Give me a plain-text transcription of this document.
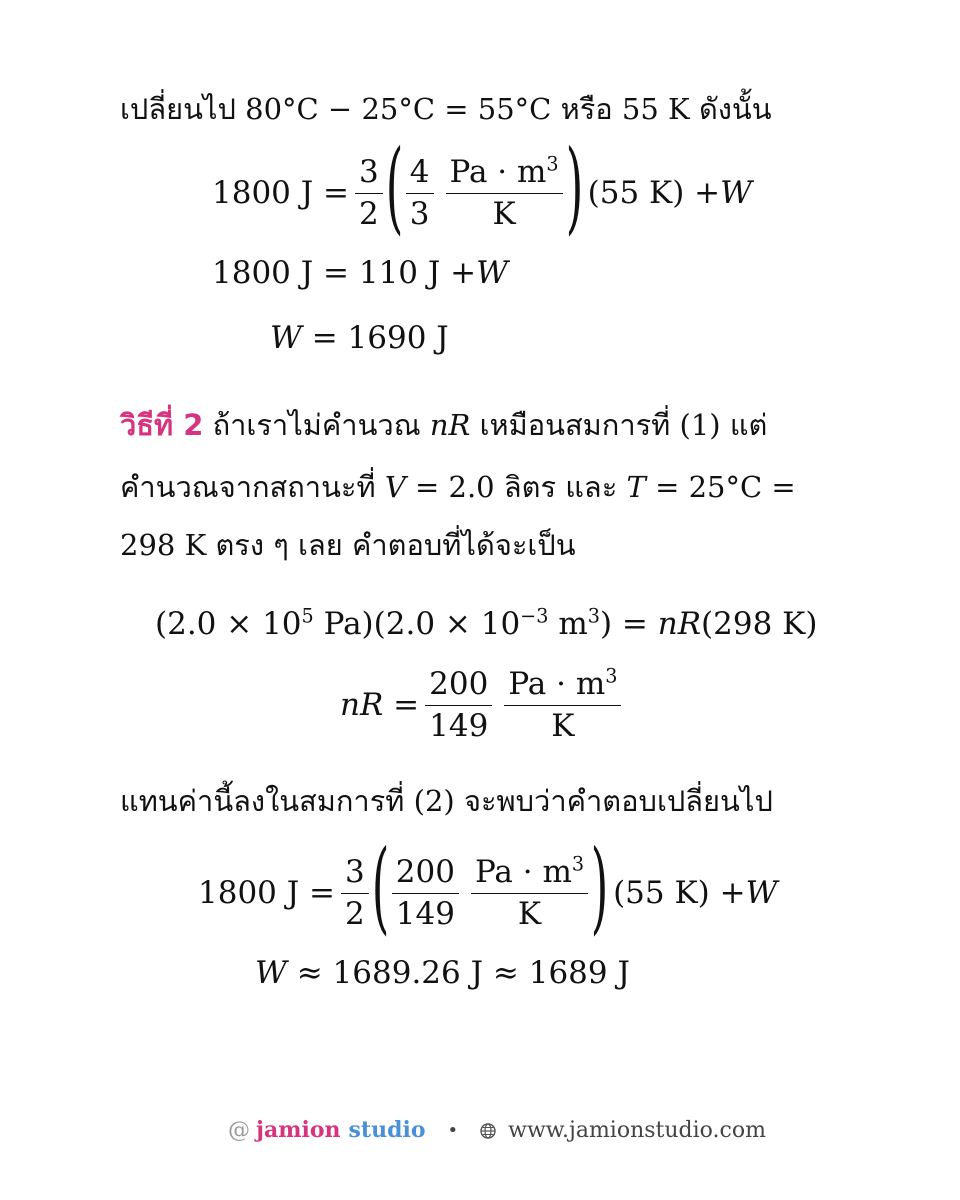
เปลี่ยนไป 80°C − 25°C = 55°C หรือ 55 K ดังนั้น
1800 $J = \frac{3}{2}$ ( $\frac{4}{3} \frac{Pa \cdot m^3}{K}$ ) (55 K) + W
1800 J = 110 J + W
W = 1690 J
วิธีที่ 2 ถ้าเราไม่คำนวณ nR เหมือนสมการที่ (1) แต่
คำนวณจากสถานะที่ V = 2.0 ลิตร และ T = 25°C =
298 K ตรง ๆ เลย คำตอบที่ได้จะเป็น
($2.0 \times 10^5$ $Pa)(2.0 \times 10^{-3}$ $m^3$) = nR (298 K)
nR = $\frac{200}{149} \frac{Pa \cdot m^3}{K}$
แทนค่านี้ลงในสมการที่ (2) จะพบว่าคำตอบเปลี่ยนไป
1800 $J = \frac{3}{2}$ ( $\frac{200}{149} \frac{Pa \cdot m^3}{K}$ ) (55 K) + W
W ≈ 1689.26 J ≈ 1689 J
@ jamion studio • www.jamionstudio.com
